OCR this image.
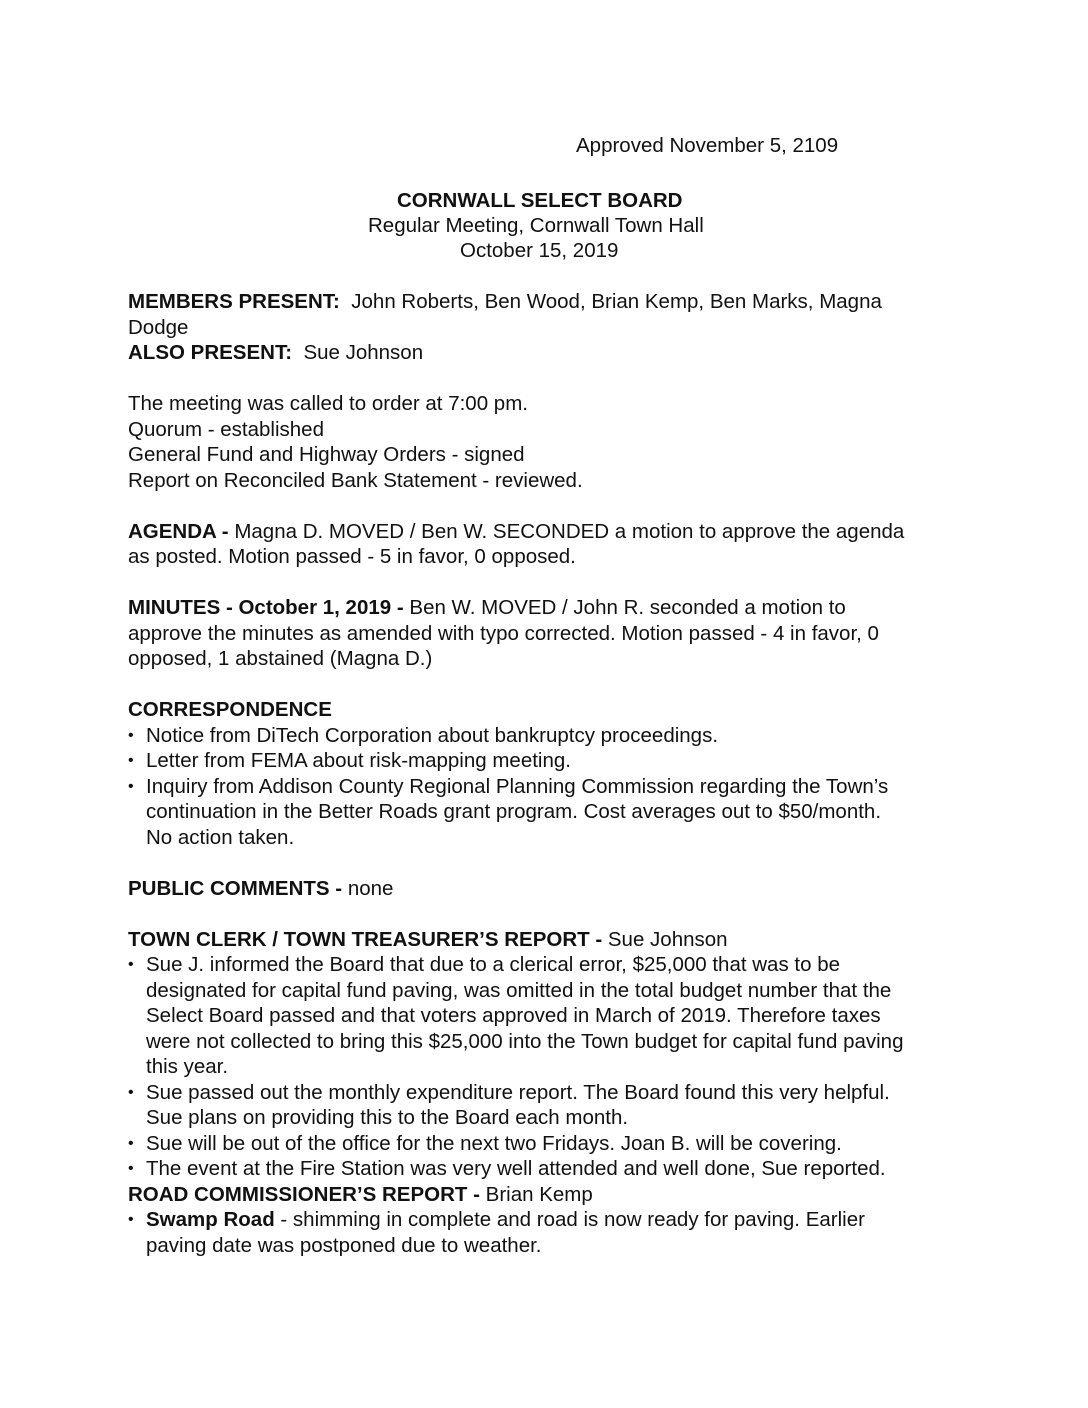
Approved November 5, 2109
CORNWALL SELECT BOARD
Regular Meeting, Cornwall Town Hall
October 15, 2019
MEMBERS PRESENT: John Roberts, Ben Wood, Brian Kemp, Ben Marks, Magna
Dodge
ALSO PRESENT: Sue Johnson
The meeting was called to order at 7:00 pm.
Quorum - established
General Fund and Highway Orders - signed
Report on Reconciled Bank Statement - reviewed.
AGENDA - Magna D. MOVED / Ben W. SECONDED a motion to approve the agenda
as posted. Motion passed - 5 in favor, 0 opposed.
MINUTES - October 1, 2019 - Ben W. MOVED / John R. seconded a motion to
approve the minutes as amended with typo corrected. Motion passed - 4 in favor, 0
opposed, 1 abstained (Magna D.)
CORRESPONDENCE
• Notice from DiTech Corporation about bankruptcy proceedings.
• Letter from FEMA about risk-mapping meeting.
• Inquiry from Addison County Regional Planning Commission regarding the Town’s
continuation in the Better Roads grant program. Cost averages out to $50/month.
No action taken.
PUBLIC COMMENTS - none
TOWN CLERK / TOWN TREASURER’S REPORT - Sue Johnson
• Sue J. informed the Board that due to a clerical error, $25,000 that was to be
designated for capital fund paving, was omitted in the total budget number that the
Select Board passed and that voters approved in March of 2019. Therefore taxes
were not collected to bring this $25,000 into the Town budget for capital fund paving
this year.
• Sue passed out the monthly expenditure report. The Board found this very helpful.
Sue plans on providing this to the Board each month.
• Sue will be out of the office for the next two Fridays. Joan B. will be covering.
• The event at the Fire Station was very well attended and well done, Sue reported.
ROAD COMMISSIONER’S REPORT - Brian Kemp
• Swamp Road - shimming in complete and road is now ready for paving. Earlier
paving date was postponed due to weather.
